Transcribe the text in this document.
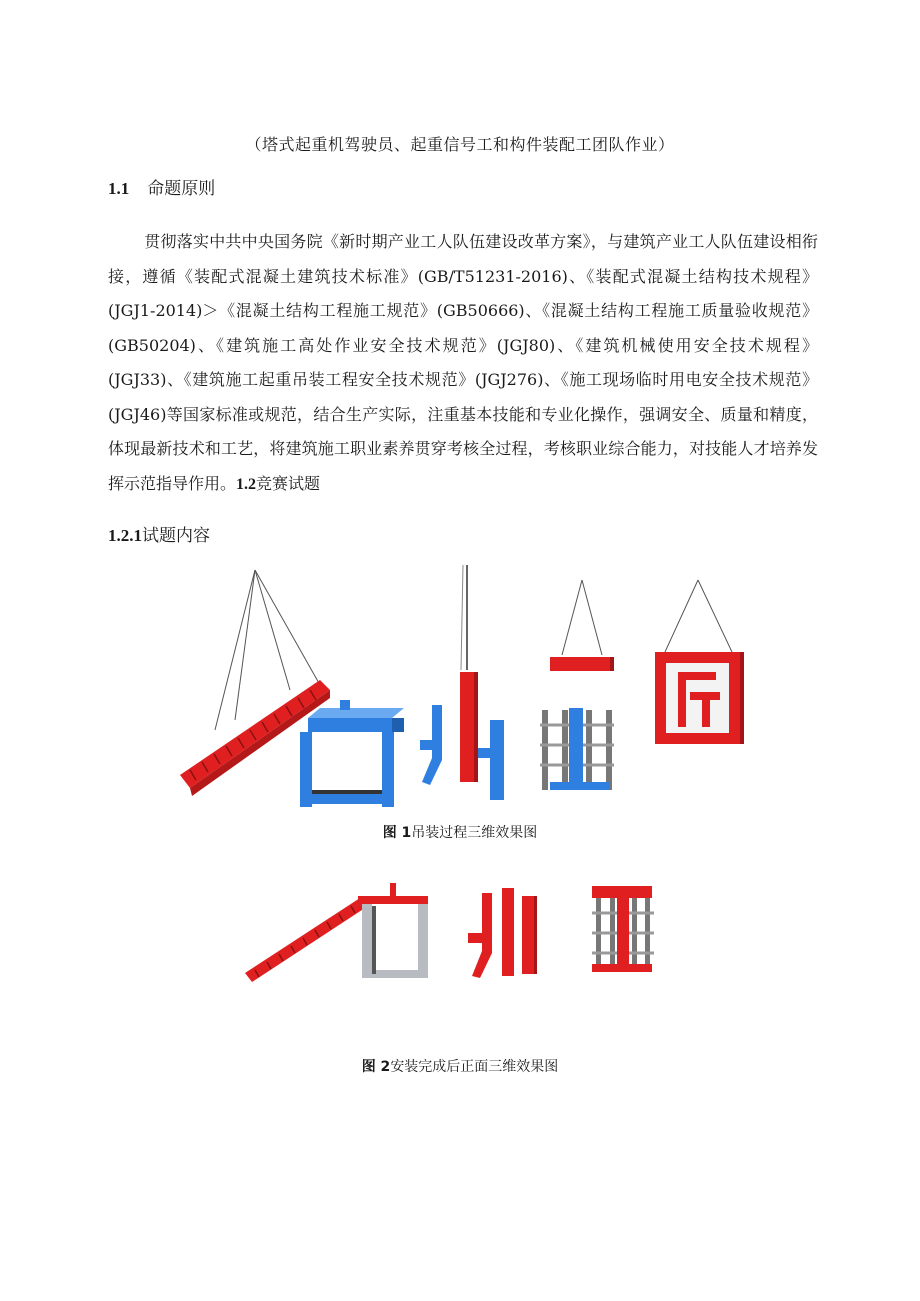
（塔式起重机驾驶员、起重信号工和构件装配工团队作业）
1.1 命题原则
贯彻落实中共中央国务院《新时期产业工人队伍建设改革方案》，与建筑产业工人队伍建设相衔接，遵循《装配式混凝土建筑技术标准》(GB/T51231-2016)、《装配式混凝土结构技术规程》(JGJ1-2014)＞《混凝土结构工程施工规范》(GB50666)、《混凝土结构工程施工质量验收规范》(GB50204)、《建筑施工高处作业安全技术规范》(JGJ80)、《建筑机械使用安全技术规程》(JGJ33)、《建筑施工起重吊装工程安全技术规范》(JGJ276)、《施工现场临时用电安全技术规范》(JGJ46)等国家标准或规范，结合生产实际，注重基本技能和专业化操作，强调安全、质量和精度，体现最新技术和工艺，将建筑施工职业素养贯穿考核全过程，考核职业综合能力，对技能人才培养发挥示范指导作用。1.2竞赛试题
1.2.1试题内容
图 1吊装过程三维效果图
图 2安装完成后正面三维效果图
